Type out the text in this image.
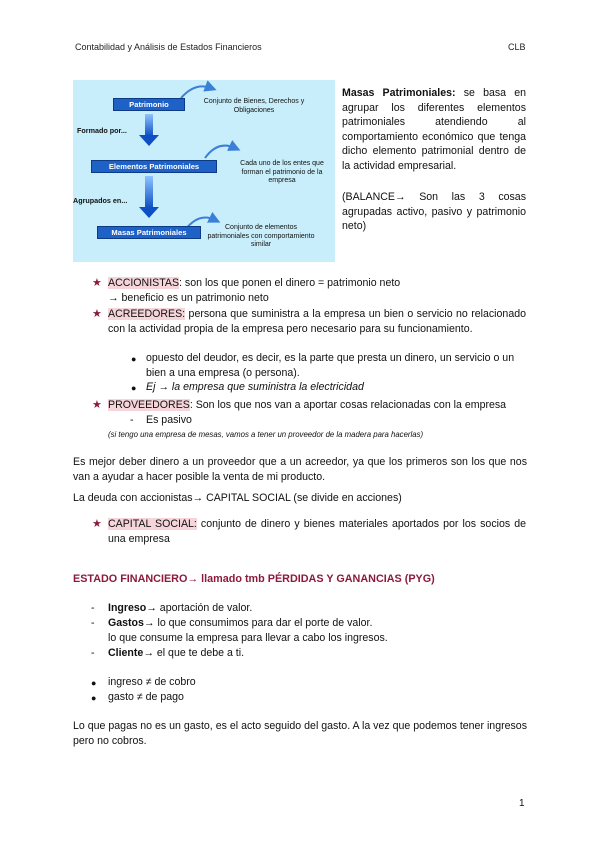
Contabilidad y Análisis de Estados Financieros	CLB
Patrimonio	Conjunto de Bienes, Derechos y Obligaciones
Formado por...
Elementos Patrimoniales	Cada uno de los entes que forman el patrimonio de la empresa
Agrupados en...
Masas Patrimoniales
Conjunto de elementos patrimoniales con comportamiento similar
Masas Patrimoniales: se basa en agrupar los diferentes elementos patrimoniales atendiendo al comportamiento económico que tenga dicho elemento patrimonial dentro de la actividad empresarial.
(BALANCE→ Son las 3 cosas agrupadas activo, pasivo y patrimonio neto)
★ ACCIONISTAS: son los que ponen el dinero = patrimonio neto
→ beneficio es un patrimonio neto
★ ACREEDORES: persona que suministra a la empresa un bien o servicio no relacionado con la actividad propia de la empresa pero necesario para su funcionamiento.
● opuesto del deudor, es decir, es la parte que presta un dinero, un servicio o un bien a una empresa (o persona).
● Ej → la empresa que suministra la electricidad
★ PROVEEDORES: Son los que nos van a aportar cosas relacionadas con la empresa
- Es pasivo
(si tengo una empresa de mesas, vamos a tener un proveedor de la madera para hacerlas)
Es mejor deber dinero a un proveedor que a un acreedor, ya que los primeros son los que nos van a ayudar a hacer posible la venta de mi producto.
La deuda con accionistas→ CAPITAL SOCIAL (se divide en acciones)
★ CAPITAL SOCIAL: conjunto de dinero y bienes materiales aportados por los socios de una empresa
ESTADO FINANCIERO→ llamado tmb PÉRDIDAS Y GANANCIAS (PYG)
- Ingreso→ aportación de valor.
- Gastos→ lo que consumimos para dar el porte de valor.
lo que consume la empresa para llevar a cabo los ingresos.
- Cliente→ el que te debe a ti.
● ingreso ≠ de cobro
● gasto ≠ de pago
Lo que pagas no es un gasto, es el acto seguido del gasto. A la vez que podemos tener ingresos pero no cobros.
1
